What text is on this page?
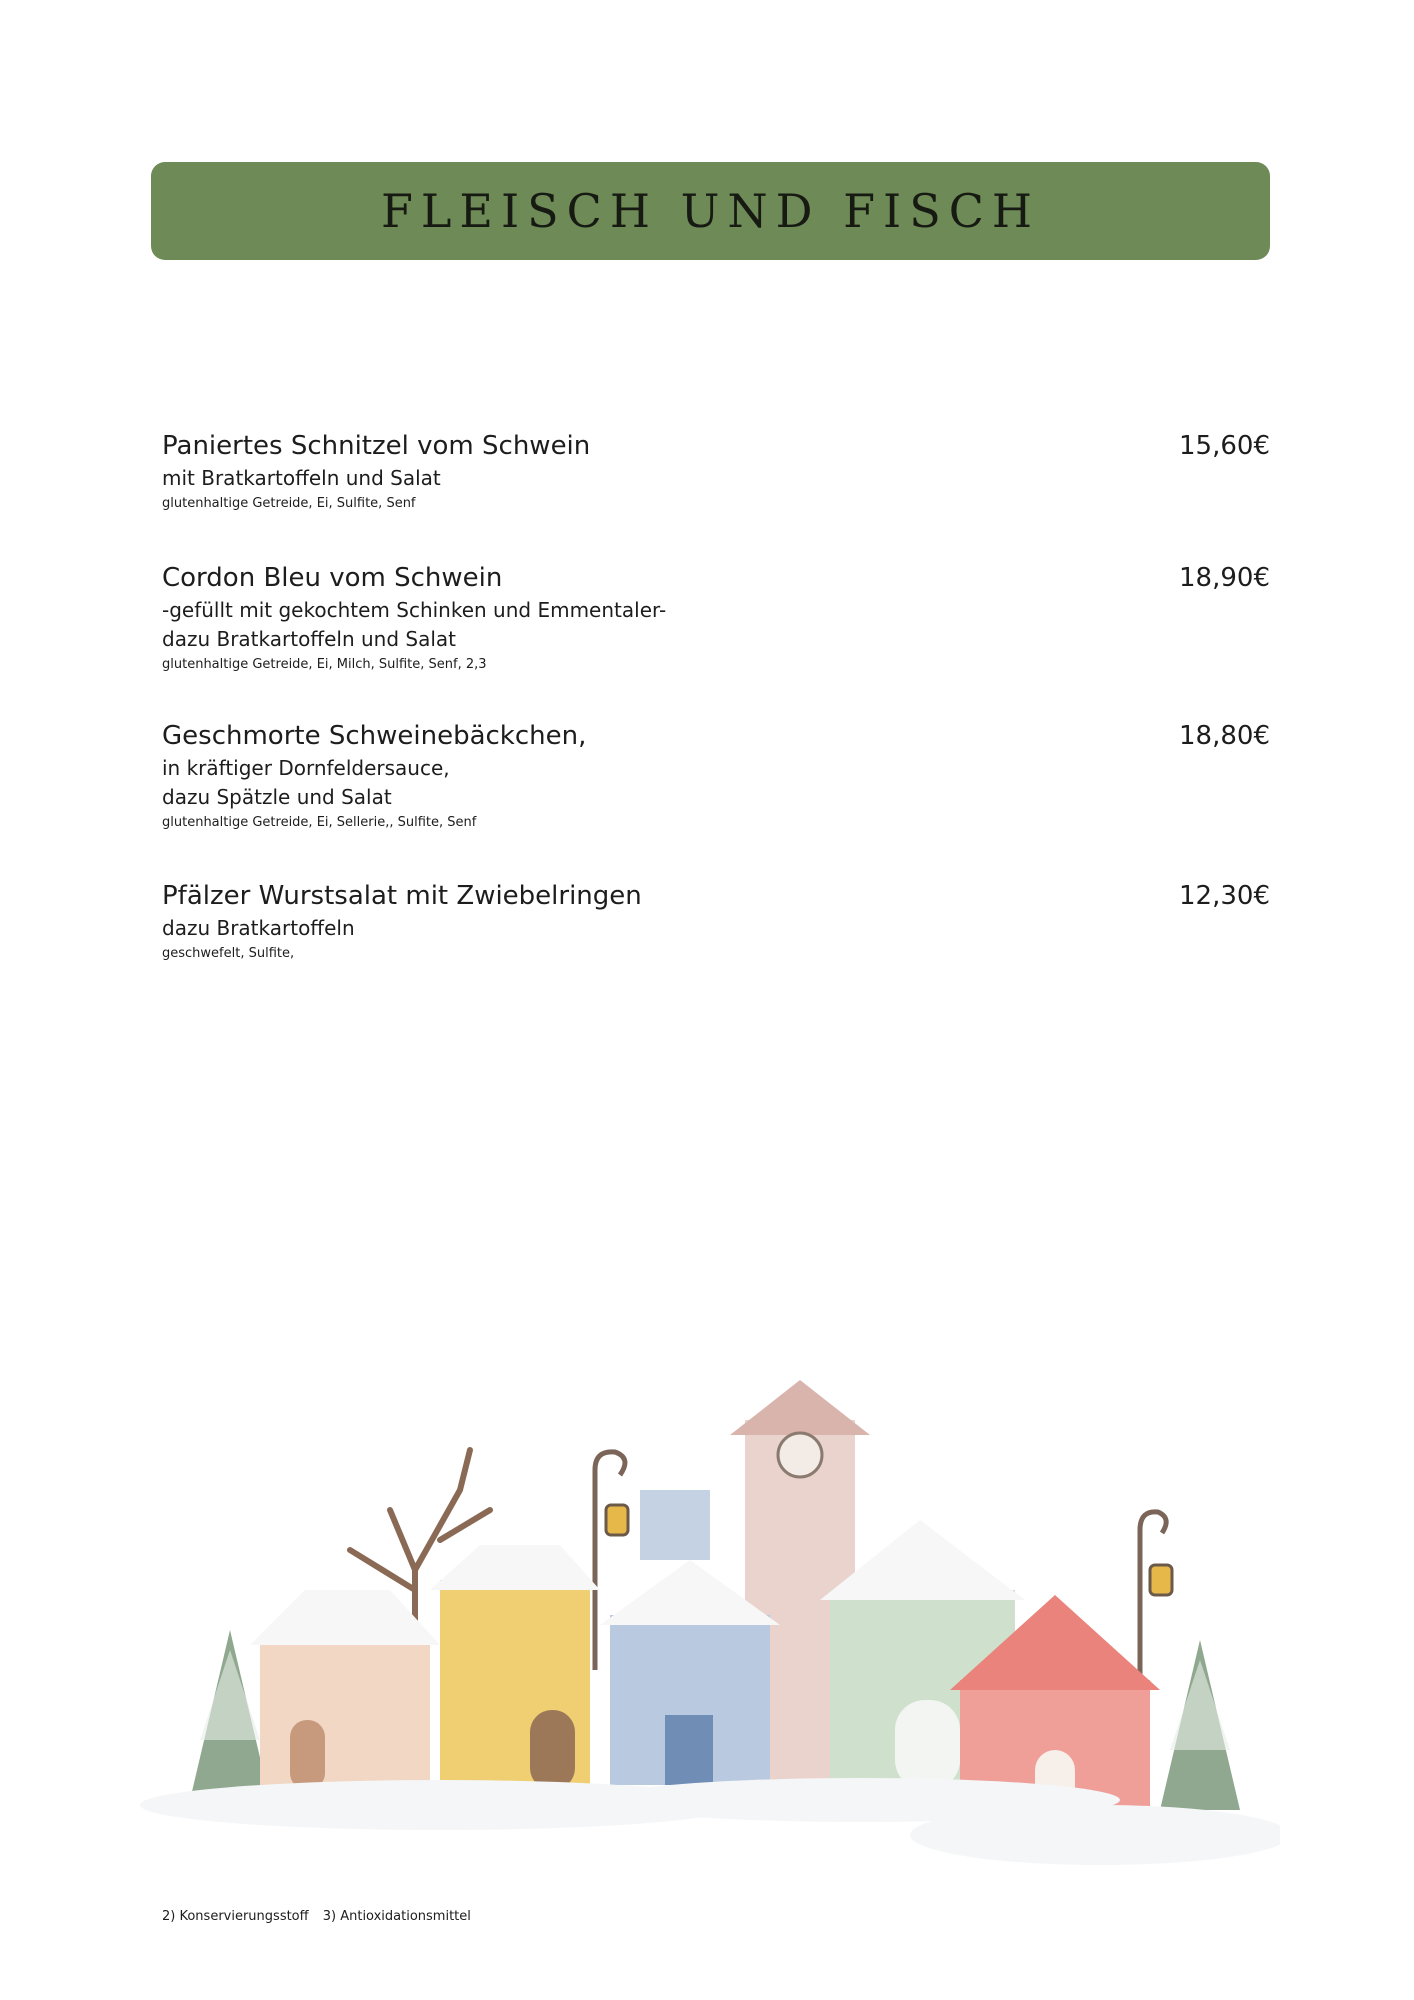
FLEISCH UND FISCH
Paniertes Schnitzel vom Schwein
mit Bratkartoffeln und Salat
glutenhaltige Getreide, Ei, Sulfite, Senf
15,60€
Cordon Bleu vom Schwein
-gefüllt mit gekochtem Schinken und Emmentaler-
dazu Bratkartoffeln und Salat
glutenhaltige Getreide, Ei, Milch, Sulfite, Senf, 2,3
18,90€
Geschmorte Schweinebäckchen,
in kräftiger Dornfeldersauce,
dazu Spätzle und Salat
glutenhaltige Getreide, Ei, Sellerie,, Sulfite, Senf
18,80€
Pfälzer Wurstsalat mit Zwiebelringen
dazu Bratkartoffeln
geschwefelt, Sulfite,
12,30€
2) Konservierungsstoff 3) Antioxidationsmittel
